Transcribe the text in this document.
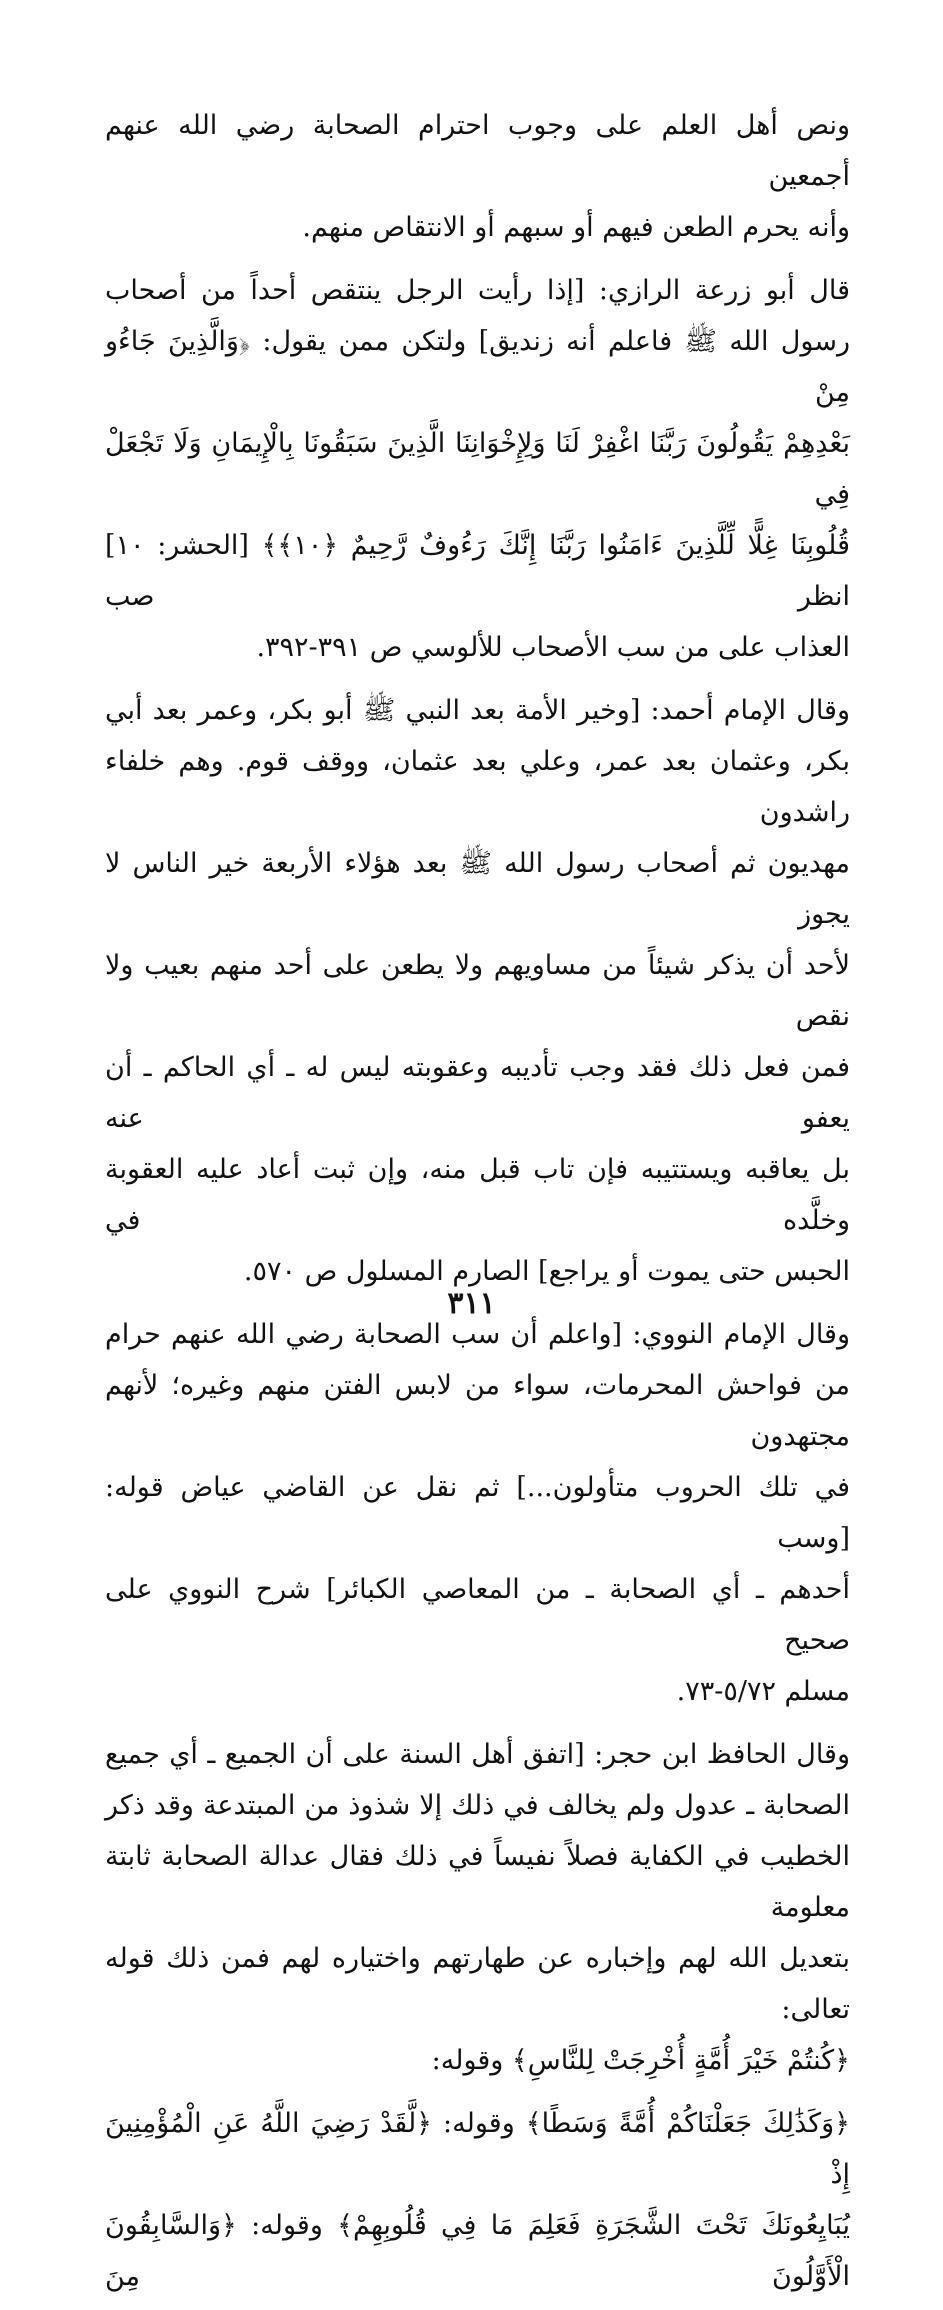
ونص أهل العلم على وجوب احترام الصحابة رضي الله عنهم أجمعين
وأنه يحرم الطعن فيهم أو سبهم أو الانتقاص منهم.
قال أبو زرعة الرازي: [إذا رأيت الرجل ينتقص أحداً من أصحاب
رسول الله ﷺ فاعلم أنه زنديق] ولتكن ممن يقول: ﴿وَالَّذِينَ جَاءُو مِنْ
بَعْدِهِمْ يَقُولُونَ رَبَّنَا اغْفِرْ لَنَا وَلِإِخْوَانِنَا الَّذِينَ سَبَقُونَا بِالْإِيمَانِ وَلَا تَجْعَلْ فِي
قُلُوبِنَا غِلًّا لِّلَّذِينَ ءَامَنُوا رَبَّنَا إِنَّكَ رَءُوفٌ رَّحِيمٌ ﴿١٠﴾﴾ [الحشر: ١٠] انظر صب
العذاب على من سب الأصحاب للألوسي ص ٣٩١-٣٩٢.
وقال الإمام أحمد: [وخير الأمة بعد النبي ﷺ أبو بكر، وعمر بعد أبي
بكر، وعثمان بعد عمر، وعلي بعد عثمان، ووقف قوم. وهم خلفاء راشدون
مهديون ثم أصحاب رسول الله ﷺ بعد هؤلاء الأربعة خير الناس لا يجوز
لأحد أن يذكر شيئاً من مساويهم ولا يطعن على أحد منهم بعيب ولا نقص
فمن فعل ذلك فقد وجب تأديبه وعقوبته ليس له ـ أي الحاكم ـ أن يعفو عنه
بل يعاقبه ويستتيبه فإن تاب قبل منه، وإن ثبت أعاد عليه العقوبة وخلَّده في
الحبس حتى يموت أو يراجع] الصارم المسلول ص ٥٧٠.
وقال الإمام النووي: [واعلم أن سب الصحابة رضي الله عنهم حرام
من فواحش المحرمات، سواء من لابس الفتن منهم وغيره؛ لأنهم مجتهدون
في تلك الحروب متأولون...] ثم نقل عن القاضي عياض قوله: [وسب
أحدهم ـ أي الصحابة ـ من المعاصي الكبائر] شرح النووي على صحيح
مسلم ٥/٧٢-٧٣.
وقال الحافظ ابن حجر: [اتفق أهل السنة على أن الجميع ـ أي جميع
الصحابة ـ عدول ولم يخالف في ذلك إلا شذوذ من المبتدعة وقد ذكر
الخطيب في الكفاية فصلاً نفيساً في ذلك فقال عدالة الصحابة ثابتة معلومة
بتعديل الله لهم وإخباره عن طهارتهم واختياره لهم فمن ذلك قوله تعالى:
﴿كُنتُمْ خَيْرَ أُمَّةٍ أُخْرِجَتْ لِلنَّاسِ﴾ وقوله:
﴿وَكَذَٰلِكَ جَعَلْنَاكُمْ أُمَّةً وَسَطًا﴾ وقوله: ﴿لَّقَدْ رَضِيَ اللَّهُ عَنِ الْمُؤْمِنِينَ إِذْ
يُبَايِعُونَكَ تَحْتَ الشَّجَرَةِ فَعَلِمَ مَا فِي قُلُوبِهِمْ﴾ وقوله: ﴿وَالسَّابِقُونَ الْأَوَّلُونَ مِنَ
٣١١
